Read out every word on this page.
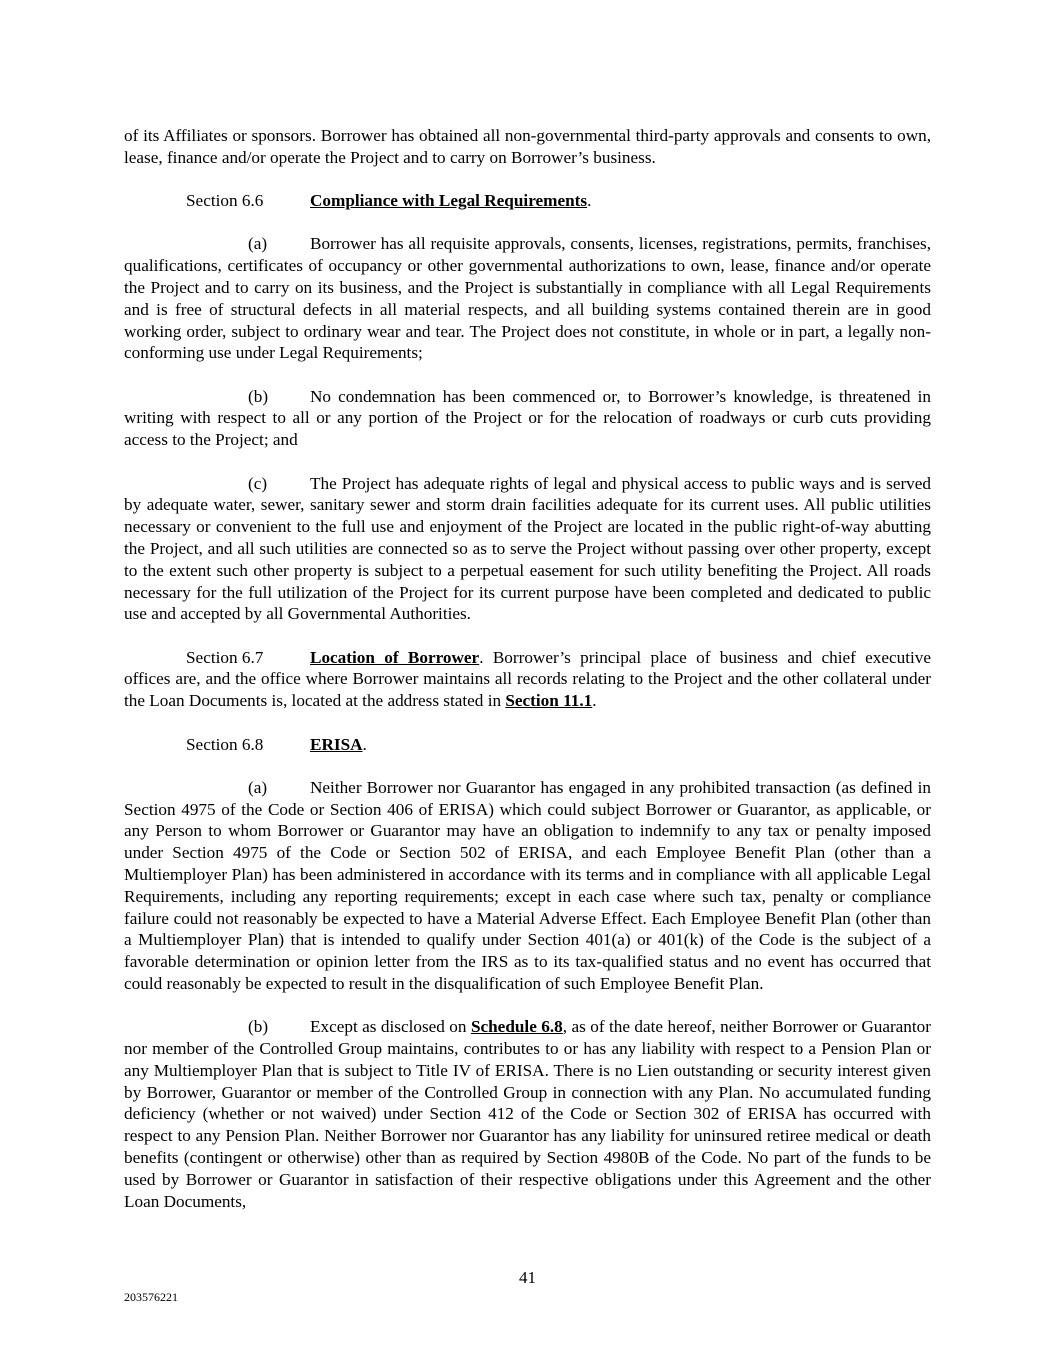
of its Affiliates or sponsors. Borrower has obtained all non-governmental third-party approvals and consents to own, lease, finance and/or operate the Project and to carry on Borrower’s business.

Section 6.6	Compliance with Legal Requirements.

(a) Borrower has all requisite approvals, consents, licenses, registrations, permits, franchises, qualifications, certificates of occupancy or other governmental authorizations to own, lease, finance and/or operate the Project and to carry on its business, and the Project is substantially in compliance with all Legal Requirements and is free of structural defects in all material respects, and all building systems contained therein are in good working order, subject to ordinary wear and tear. The Project does not constitute, in whole or in part, a legally non-conforming use under Legal Requirements;

(b) No condemnation has been commenced or, to Borrower’s knowledge, is threatened in writing with respect to all or any portion of the Project or for the relocation of roadways or curb cuts providing access to the Project; and

(c) The Project has adequate rights of legal and physical access to public ways and is served by adequate water, sewer, sanitary sewer and storm drain facilities adequate for its current uses. All public utilities necessary or convenient to the full use and enjoyment of the Project are located in the public right-of-way abutting the Project, and all such utilities are connected so as to serve the Project without passing over other property, except to the extent such other property is subject to a perpetual easement for such utility benefiting the Project. All roads necessary for the full utilization of the Project for its current purpose have been completed and dedicated to public use and accepted by all Governmental Authorities.

Section 6.7	Location of Borrower. Borrower’s principal place of business and chief executive offices are, and the office where Borrower maintains all records relating to the Project and the other collateral under the Loan Documents is, located at the address stated in Section 11.1.

Section 6.8	ERISA.

(a) Neither Borrower nor Guarantor has engaged in any prohibited transaction (as defined in Section 4975 of the Code or Section 406 of ERISA) which could subject Borrower or Guarantor, as applicable, or any Person to whom Borrower or Guarantor may have an obligation to indemnify to any tax or penalty imposed under Section 4975 of the Code or Section 502 of ERISA, and each Employee Benefit Plan (other than a Multiemployer Plan) has been administered in accordance with its terms and in compliance with all applicable Legal Requirements, including any reporting requirements; except in each case where such tax, penalty or compliance failure could not reasonably be expected to have a Material Adverse Effect. Each Employee Benefit Plan (other than a Multiemployer Plan) that is intended to qualify under Section 401(a) or 401(k) of the Code is the subject of a favorable determination or opinion letter from the IRS as to its tax-qualified status and no event has occurred that could reasonably be expected to result in the disqualification of such Employee Benefit Plan.

(b) Except as disclosed on Schedule 6.8, as of the date hereof, neither Borrower or Guarantor nor member of the Controlled Group maintains, contributes to or has any liability with respect to a Pension Plan or any Multiemployer Plan that is subject to Title IV of ERISA. There is no Lien outstanding or security interest given by Borrower, Guarantor or member of the Controlled Group in connection with any Plan. No accumulated funding deficiency (whether or not waived) under Section 412 of the Code or Section 302 of ERISA has occurred with respect to any Pension Plan. Neither Borrower nor Guarantor has any liability for uninsured retiree medical or death benefits (contingent or otherwise) other than as required by Section 4980B of the Code. No part of the funds to be used by Borrower or Guarantor in satisfaction of their respective obligations under this Agreement and the other Loan Documents,

41
203576221
